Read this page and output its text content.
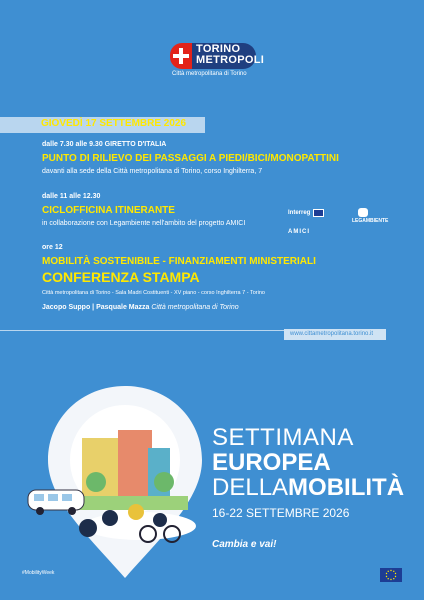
TORINO
METROPOLI
Città metropolitana di Torino
GIOVEDÌ 17 SETTEMBRE 2026
dalle 7.30 alle 9.30 GIRETTO D'ITALIA
PUNTO DI RILIEVO DEI PASSAGGI A PIEDI/BICI/MONOPATTINI
davanti alla sede della Città metropolitana di Torino, corso Inghilterra, 7
dalle 11 alle 12.30
CICLOFFICINA ITINERANTE
in collaborazione con Legambiente nell'ambito del progetto AMICI
Interreg
AMICI
LEGAMBIENTE
ore 12
MOBILITÀ SOSTENIBILE - FINANZIAMENTI MINISTERIALI
CONFERENZA STAMPA
Città metropolitana di Torino - Sala Madri Costituenti - XV piano - corso Inghilterra 7 - Torino
Jacopo Suppo | Pasquale Mazza Città metropolitana di Torino
www.cittametropolitana.torino.it
SETTIMANA
EUROPEA
DELLAMOBILITÀ
16-22 SETTEMBRE 2026
Cambia e vai!
#MobilityWeek
